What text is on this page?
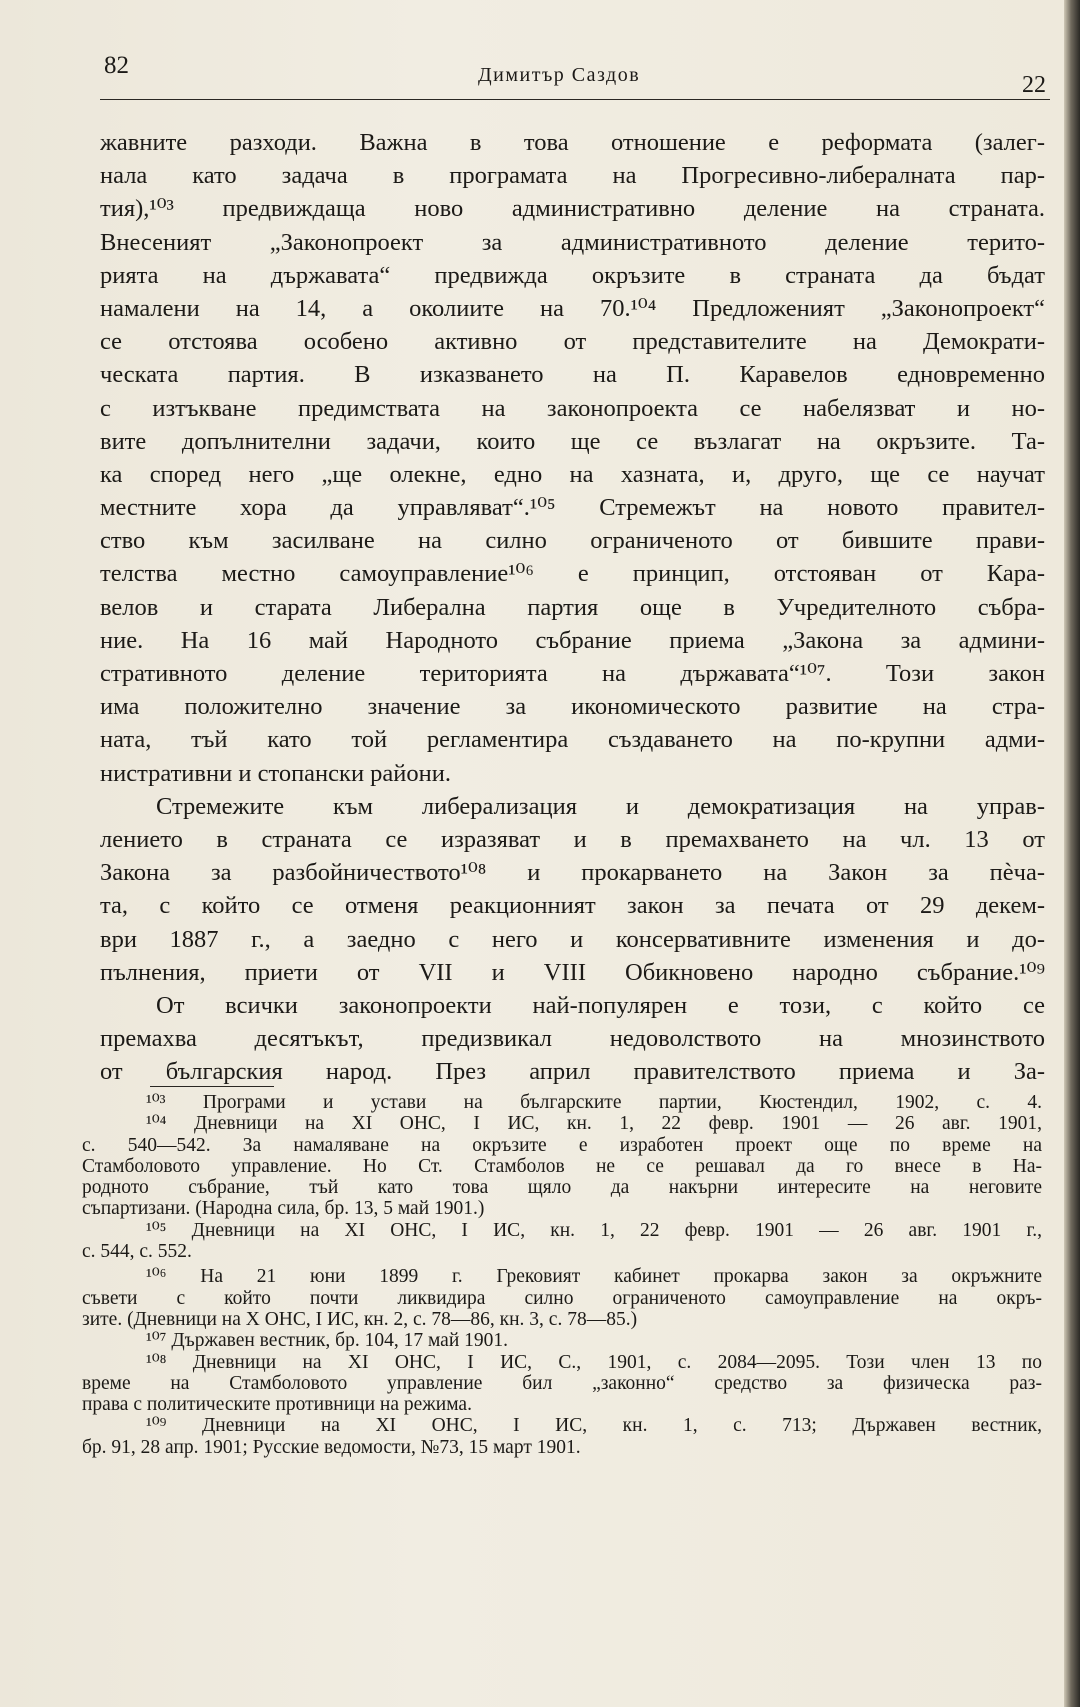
82	Димитър Саздов	22
жавните разходи. Важна в това отношение е реформата (залег-
нала като задача в програмата на Прогресивно-либералната пар-
тия),¹⁰³ предвиждаща ново административно деление на страната.
Внесеният „Законопроект за административното деление терито-
рията на държавата“ предвижда окръзите в страната да бъдат
намалени на 14, а околиите на 70.¹⁰⁴ Предложеният „Законопроект“
се отстоява особено активно от представителите на Демократи-
ческата партия. В изказването на П. Каравелов едновременно
с изтъкване предимствата на законопроекта се набелязват и но-
вите допълнителни задачи, които ще се възлагат на окръзите. Та-
ка според него „ще олекне, едно на хазната, и, друго, ще се научат
местните хора да управляват“.¹⁰⁵ Стремежът на новото правител-
ство към засилване на силно ограниченото от бившите прави-
телства местно самоуправление¹⁰⁶ е принцип, отстояван от Кара-
велов и старата Либерална партия още в Учредителното събра-
ние. На 16 май Народното събрание приема „Закона за админи-
стративното деление територията на държавата“¹⁰⁷. Този закон
има положително значение за икономическото развитие на стра-
ната, тъй като той регламентира създаването на по-крупни адми-
нистративни и стопански райони.
Стремежите към либерализация и демократизация на управ-
лението в страната се изразяват и в премахването на чл. 13 от
Закона за разбойничеството¹⁰⁸ и прокарването на Закон за пѐча-
та, с който се отменя реакционният закон за печата от 29 декем-
ври 1887 г., а заедно с него и консервативните изменения и до-
пълнения, приети от VII и VIII Обикновено народно събрание.¹⁰⁹
От всички законопроекти най-популярен е този, с който се
премахва десятъкът, предизвикал недоволството на мнозинството
от българския народ. През април правителството приема и За-
¹⁰³ Програми и устави на българските партии, Кюстендил, 1902, с. 4.
¹⁰⁴ Дневници на XI ОНС, I ИС, кн. 1, 22 февр. 1901 — 26 авг. 1901,
с. 540—542. За намаляване на окръзите е изработен проект още по време на
Стамболовото управление. Но Ст. Стамболов не се решавал да го внесе в На-
родното събрание, тъй като това щяло да накърни интересите на неговите
съпартизани. (Народна сила, бр. 13, 5 май 1901.)
¹⁰⁵ Дневници на XI ОНС, I ИС, кн. 1, 22 февр. 1901 — 26 авг. 1901 г.,
с. 544, с. 552.
¹⁰⁶ На 21 юни 1899 г. Грековият кабинет прокарва закон за окръжните
съвети с който почти ликвидира силно ограниченото самоуправление на окръ-
зите. (Дневници на X ОНС, I ИС, кн. 2, с. 78—86, кн. 3, с. 78—85.)
¹⁰⁷ Държавен вестник, бр. 104, 17 май 1901.
¹⁰⁸ Дневници на XI ОНС, I ИС, С., 1901, с. 2084—2095. Този член 13 по
време на Стамболовото управление бил „законно“ средство за физическа раз-
права с политическите противници на режима.
¹⁰⁹ Дневници на XI ОНС, I ИС, кн. 1, с. 713; Държавен вестник,
бр. 91, 28 апр. 1901; Русские ведомости, №73, 15 март 1901.
